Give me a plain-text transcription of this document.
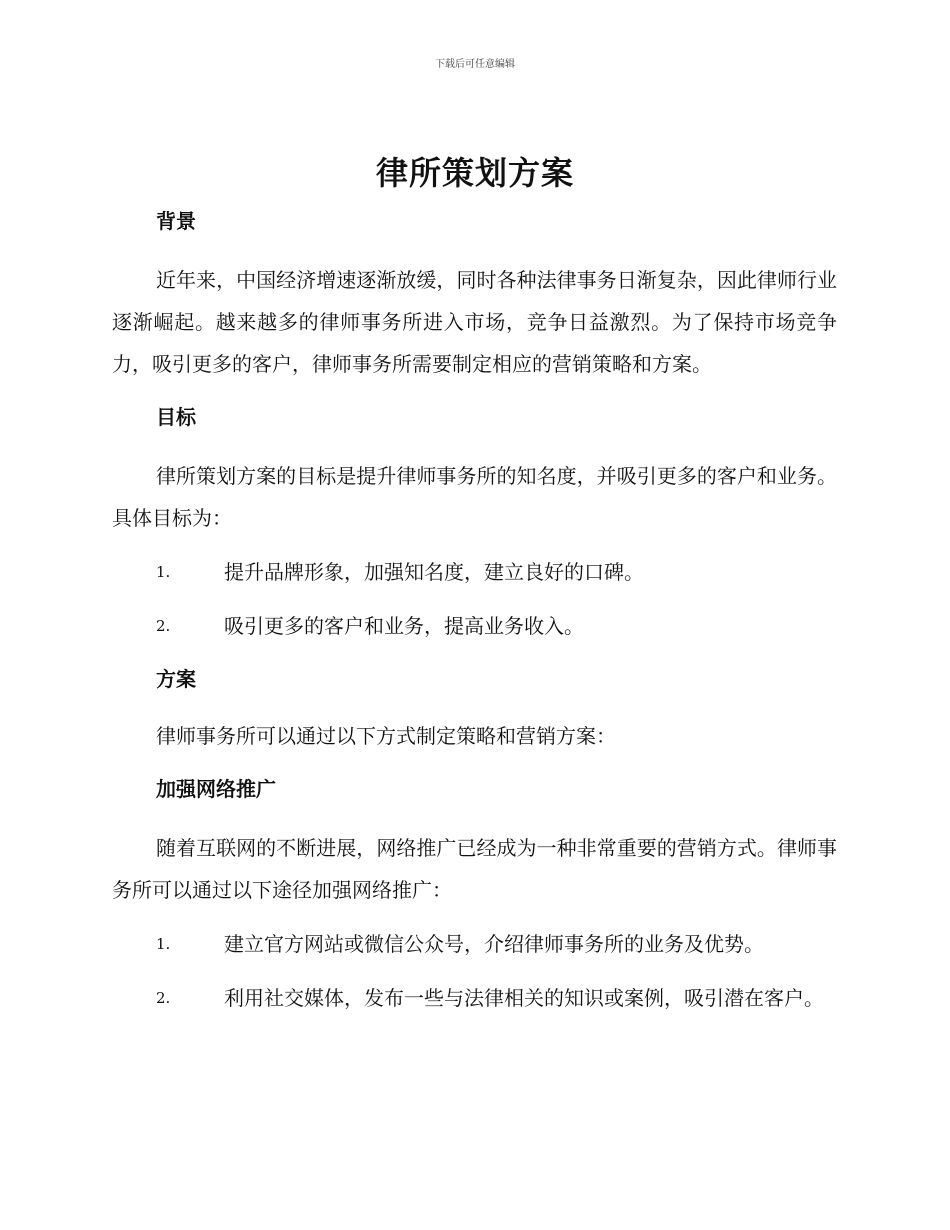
下载后可任意编辑
律所策划方案
背景

近年来，中国经济增速逐渐放缓，同时各种法律事务日渐复杂，因此律师行业逐渐崛起。越来越多的律师事务所进入市场，竞争日益激烈。为了保持市场竞争力，吸引更多的客户，律师事务所需要制定相应的营销策略和方案。

目标

律所策划方案的目标是提升律师事务所的知名度，并吸引更多的客户和业务。具体目标为：

1.	提升品牌形象，加强知名度，建立良好的口碑。
2.	吸引更多的客户和业务，提高业务收入。
方案

律师事务所可以通过以下方式制定策略和营销方案：

加强网络推广

随着互联网的不断进展，网络推广已经成为一种非常重要的营销方式。律师事务所可以通过以下途径加强网络推广：

1.	建立官方网站或微信公众号，介绍律师事务所的业务及优势。
2.	利用社交媒体，发布一些与法律相关的知识或案例，吸引潜在客户。
